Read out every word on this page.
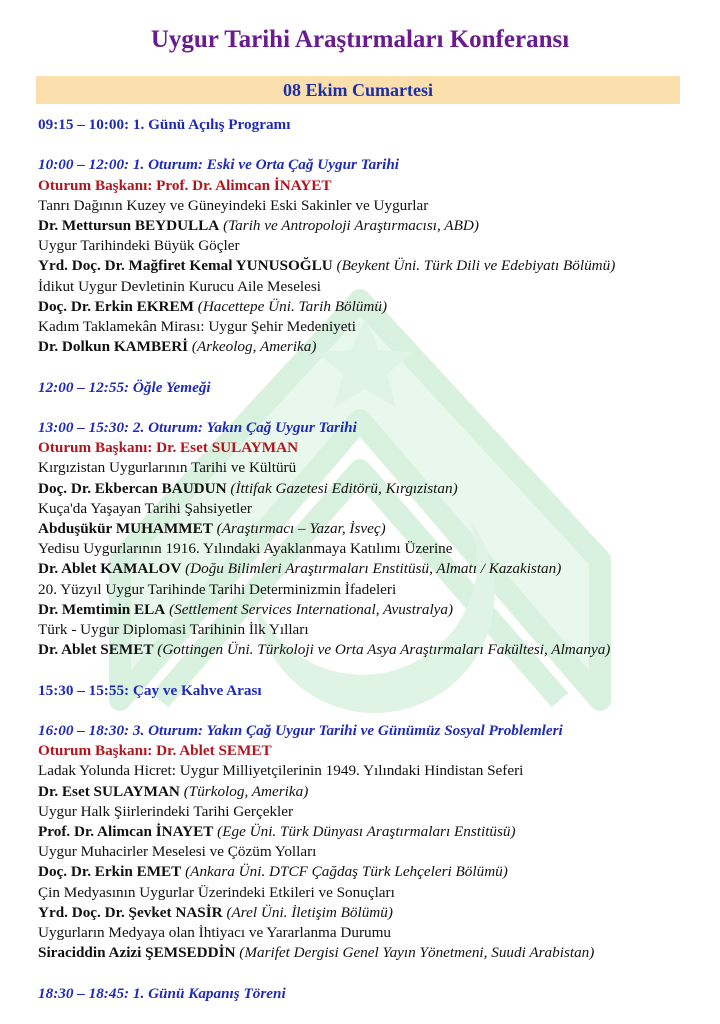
Uygur Tarihi Araştırmaları Konferansı
08 Ekim Cumartesi
09:15 – 10:00: 1. Günü Açılış Programı
10:00 – 12:00: 1. Oturum: Eski ve Orta Çağ Uygur Tarihi
Oturum Başkanı: Prof. Dr. Alimcan İNAYET
Tanrı Dağının Kuzey ve Güneyindeki Eski Sakinler ve Uygurlar
Dr. Mettursun BEYDULLA (Tarih ve Antropoloji Araştırmacısı, ABD)
Uygur Tarihindeki Büyük Göçler
Yrd. Doç. Dr. Mağfiret Kemal YUNUSOĞLU (Beykent Üni. Türk Dili ve Edebiyatı Bölümü)
İdikut Uygur Devletinin Kurucu Aile Meselesi
Doç. Dr. Erkin EKREM (Hacettepe Üni. Tarih Bölümü)
Kadım Taklamekân Mirası: Uygur Şehir Medeniyeti
Dr. Dolkun KAMBERİ (Arkeolog, Amerika)
12:00 – 12:55: Öğle Yemeği
13:00 – 15:30: 2. Oturum: Yakın Çağ Uygur Tarihi
Oturum Başkanı: Dr. Eset SULAYMAN
Kırgızistan Uygurlarının Tarihi ve Kültürü
Doç. Dr. Ekbercan BAUDUN (İttifak Gazetesi Editörü, Kırgızistan)
Kuça'da Yaşayan Tarihi Şahsiyetler
Abduşükür MUHAMMET (Araştırmacı – Yazar, İsveç)
Yedisu Uygurlarının 1916. Yılındaki Ayaklanmaya Katılımı Üzerine
Dr. Ablet KAMALOV (Doğu Bilimleri Araştırmaları Enstitüsü, Almatı / Kazakistan)
20. Yüzyıl Uygur Tarihinde Tarihi Determinizmin İfadeleri
Dr. Memtimin ELA (Settlement Services International, Avustralya)
Türk - Uygur Diplomasi Tarihinin İlk Yılları
Dr. Ablet SEMET (Gottingen Üni. Türkoloji ve Orta Asya Araştırmaları Fakültesi, Almanya)
15:30 – 15:55: Çay ve Kahve Arası
16:00 – 18:30: 3. Oturum: Yakın Çağ Uygur Tarihi ve Günümüz Sosyal Problemleri
Oturum Başkanı: Dr. Ablet SEMET
Ladak Yolunda Hicret: Uygur Milliyetçilerinin 1949. Yılındaki Hindistan Seferi
Dr. Eset SULAYMAN (Türkolog, Amerika)
Uygur Halk Şiirlerindeki Tarihi Gerçekler
Prof. Dr. Alimcan İNAYET (Ege Üni. Türk Dünyası Araştırmaları Enstitüsü)
Uygur Muhacirler Meselesi ve Çözüm Yolları
Doç. Dr. Erkin EMET (Ankara Üni. DTCF Çağdaş Türk Lehçeleri Bölümü)
Çin Medyasının Uygurlar Üzerindeki Etkileri ve Sonuçları
Yrd. Doç. Dr. Şevket NASİR (Arel Üni. İletişim Bölümü)
Uygurların Medyaya olan İhtiyacı ve Yararlanma Durumu
Siraciddin Azizi ŞEMSEDDİN (Marifet Dergisi Genel Yayın Yönetmeni, Suudi Arabistan)
18:30 – 18:45: 1. Günü Kapanış Töreni
